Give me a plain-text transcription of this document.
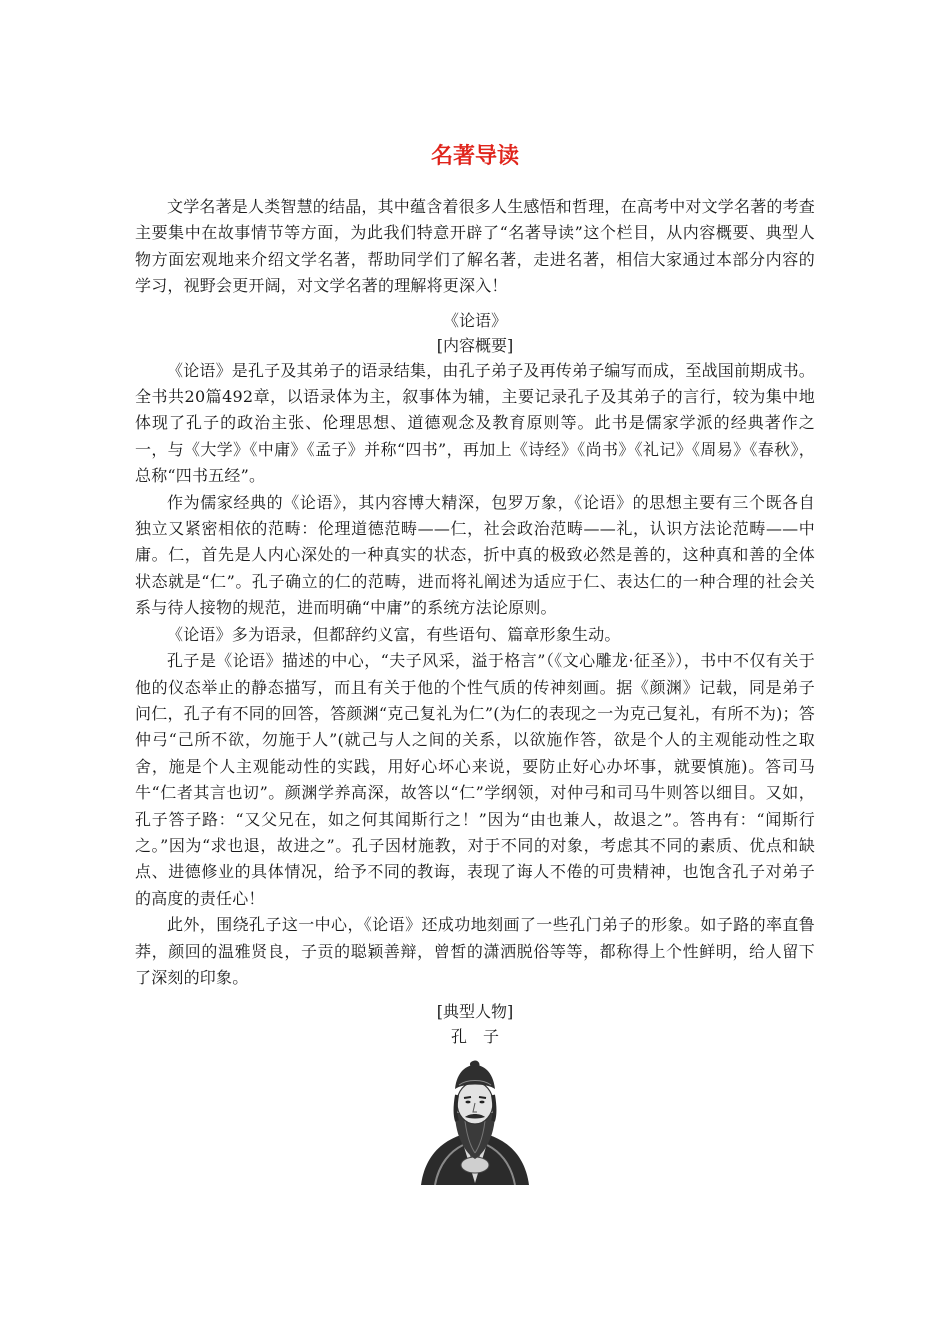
名著导读

文学名著是人类智慧的结晶，其中蕴含着很多人生感悟和哲理，在高考中对文学名著的考查主要集中在故事情节等方面，为此我们特意开辟了“名著导读”这个栏目，从内容概要、典型人物方面宏观地来介绍文学名著，帮助同学们了解名著，走进名著，相信大家通过本部分内容的学习，视野会更开阔，对文学名著的理解将更深入！

《论语》

[内容概要]

《论语》是孔子及其弟子的语录结集，由孔子弟子及再传弟子编写而成，至战国前期成书。全书共20篇492章，以语录体为主，叙事体为辅，主要记录孔子及其弟子的言行，较为集中地体现了孔子的政治主张、伦理思想、道德观念及教育原则等。此书是儒家学派的经典著作之一，与《大学》《中庸》《孟子》并称“四书”，再加上《诗经》《尚书》《礼记》《周易》《春秋》，总称“四书五经”。

作为儒家经典的《论语》，其内容博大精深，包罗万象，《论语》的思想主要有三个既各自独立又紧密相依的范畴：伦理道德范畴——仁，社会政治范畴——礼，认识方法论范畴——中庸。仁，首先是人内心深处的一种真实的状态，折中真的极致必然是善的，这种真和善的全体状态就是“仁”。孔子确立的仁的范畴，进而将礼阐述为适应于仁、表达仁的一种合理的社会关系与待人接物的规范，进而明确“中庸”的系统方法论原则。

《论语》多为语录，但都辞约义富，有些语句、篇章形象生动。

孔子是《论语》描述的中心，“夫子风采，溢于格言”（《文心雕龙·征圣》），书中不仅有关于他的仪态举止的静态描写，而且有关于他的个性气质的传神刻画。据《颜渊》记载，同是弟子问仁，孔子有不同的回答，答颜渊“克己复礼为仁”(为仁的表现之一为克己复礼，有所不为)；答仲弓“己所不欲，勿施于人”(就己与人之间的关系，以欲施作答，欲是个人的主观能动性之取舍，施是个人主观能动性的实践，用好心坏心来说，要防止好心办坏事，就要慎施)。答司马牛“仁者其言也讱”。颜渊学养高深，故答以“仁”学纲领，对仲弓和司马牛则答以细目。又如，孔子答子路：“又父兄在，如之何其闻斯行之！”因为“由也兼人，故退之”。答冉有：“闻斯行之。”因为“求也退，故进之”。孔子因材施教，对于不同的对象，考虑其不同的素质、优点和缺点、进德修业的具体情况，给予不同的教诲，表现了诲人不倦的可贵精神，也饱含孔子对弟子的高度的责任心！

此外，围绕孔子这一中心，《论语》还成功地刻画了一些孔门弟子的形象。如子路的率直鲁莽，颜回的温雅贤良，子贡的聪颖善辩，曾皙的潇洒脱俗等等，都称得上个性鲜明，给人留下了深刻的印象。

[典型人物]

孔　子
